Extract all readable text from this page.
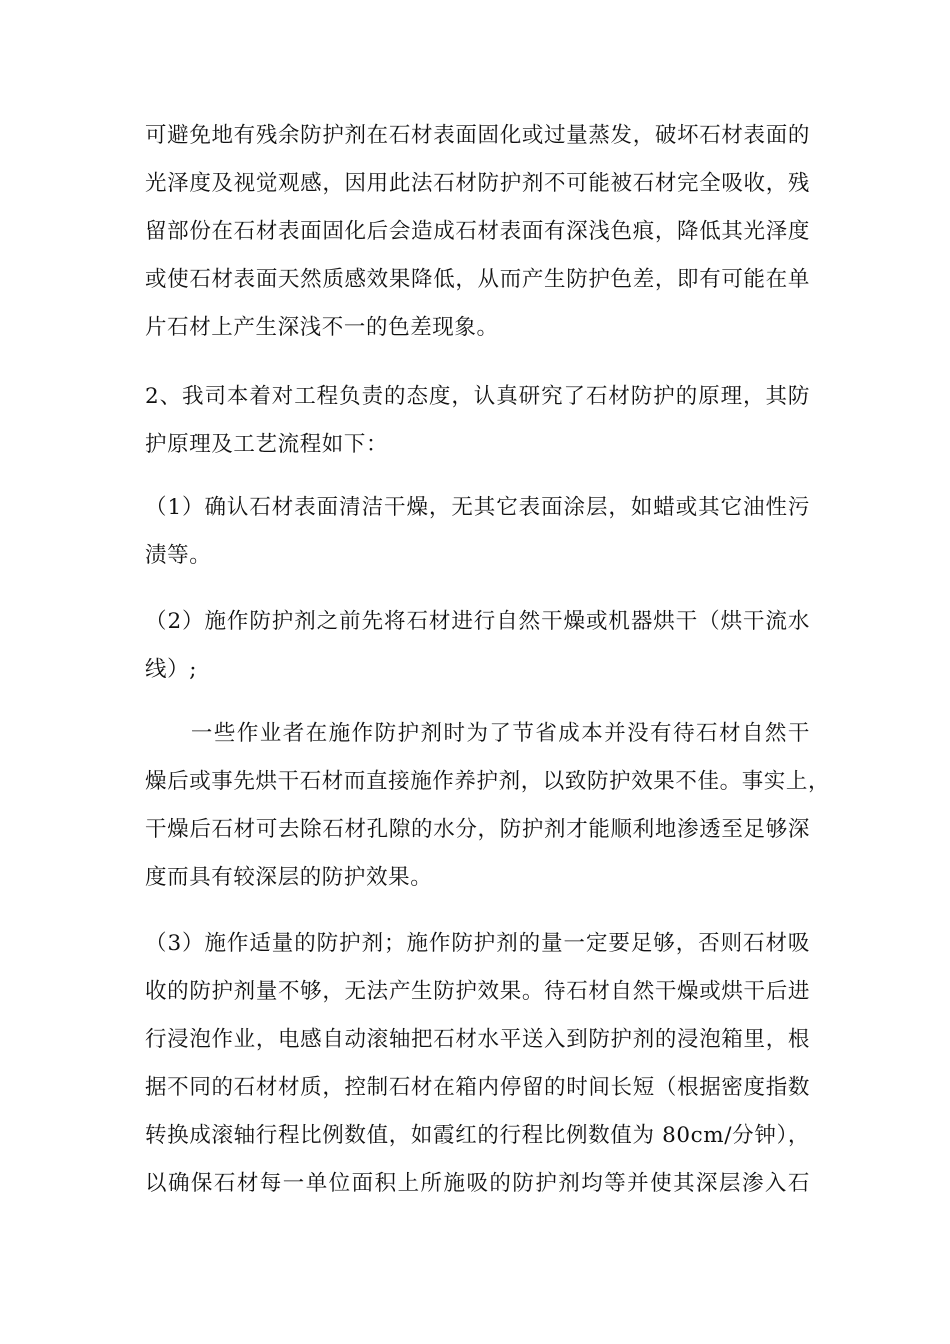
可避免地有残余防护剂在石材表面固化或过量蒸发，破坏石材表面的
光泽度及视觉观感，因用此法石材防护剂不可能被石材完全吸收，残
留部份在石材表面固化后会造成石材表面有深浅色痕，降低其光泽度
或使石材表面天然质感效果降低，从而产生防护色差，即有可能在单
片石材上产生深浅不一的色差现象。
2、我司本着对工程负责的态度，认真研究了石材防护的原理，其防
护原理及工艺流程如下：
（1）确认石材表面清洁干燥，无其它表面涂层，如蜡或其它油性污
渍等。
（2）施作防护剂之前先将石材进行自然干燥或机器烘干（烘干流水
线）;
　　一些作业者在施作防护剂时为了节省成本并没有待石材自然干
燥后或事先烘干石材而直接施作养护剂，以致防护效果不佳。事实上，
干燥后石材可去除石材孔隙的水分，防护剂才能顺利地渗透至足够深
度而具有较深层的防护效果。
（3）施作适量的防护剂；施作防护剂的量一定要足够，否则石材吸
收的防护剂量不够，无法产生防护效果。待石材自然干燥或烘干后进
行浸泡作业，电感自动滚轴把石材水平送入到防护剂的浸泡箱里，根
据不同的石材材质，控制石材在箱内停留的时间长短（根据密度指数
转换成滚轴行程比例数值，如霞红的行程比例数值为 80cm/分钟），
以确保石材每一单位面积上所施吸的防护剂均等并使其深层渗入石
